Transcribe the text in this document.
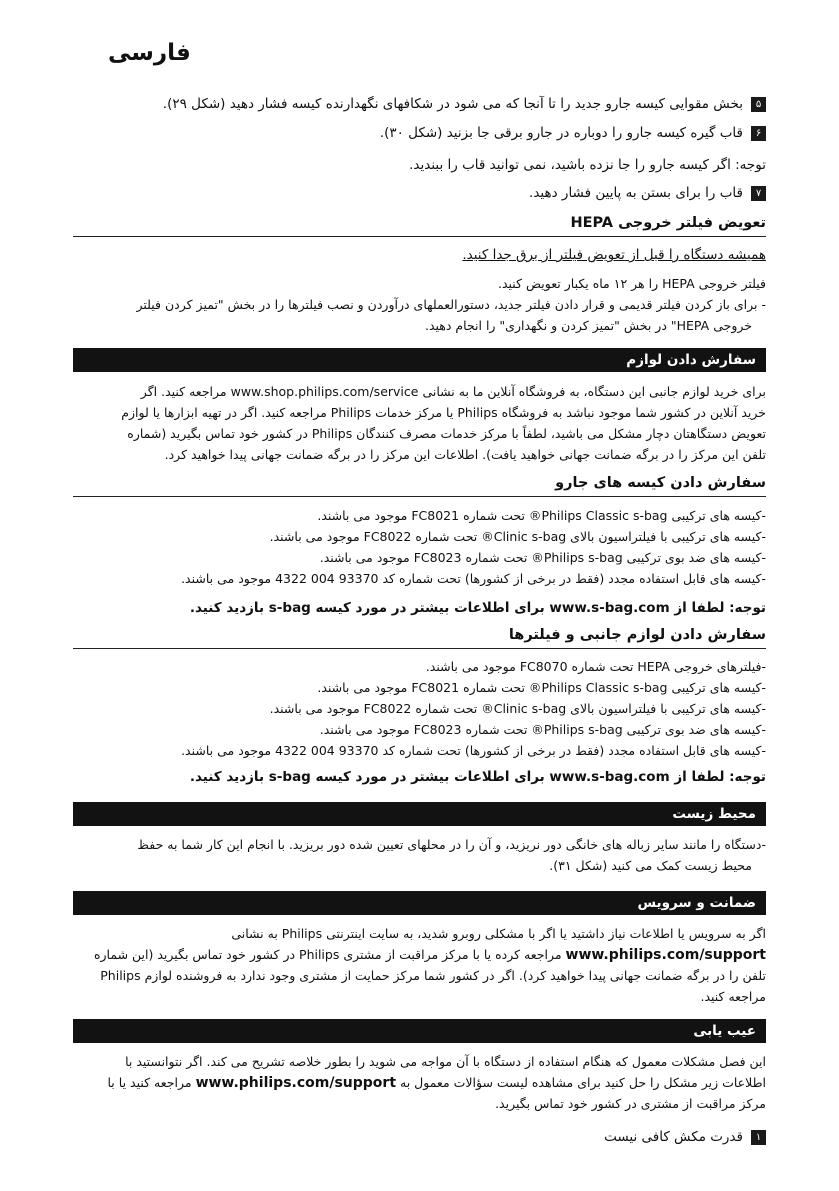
فارسی
۵
بخش مقوایی کیسه جارو جدید را تا آنجا که می شود در شکافهای نگهدارنده کیسه فشار دهید (شکل ۲۹).
۶
قاب گیره کیسه جارو را دوباره در جارو برقی جا بزنید (شکل ۳۰).
توجه: اگر کیسه جارو را جا نزده باشید، نمی توانید قاب را ببندید.
۷
قاب را برای بستن به پایین فشار دهید.
تعویض فیلتر خروجی HEPA
همیشه دستگاه را قبل از تعویض فیلتر از برق جدا کنید.
فیلتر خروجی HEPA را هر ۱۲ ماه یکبار تعویض کنید.
- برای باز کردن فیلتر قدیمی و قرار دادن فیلتر جدید، دستورالعملهای درآوردن و نصب فیلترها را در بخش "تمیز کردن فیلتر
خروجی HEPA" در بخش "تمیز کردن و نگهداری" را انجام دهید.
سفارش دادن لوازم
برای خرید لوازم جانبی این دستگاه، به فروشگاه آنلاین ما به نشانی www.shop.philips.com/service مراجعه کنید. اگر
خرید آنلاین در کشور شما موجود نباشد به فروشگاه Philips یا مرکز خدمات Philips مراجعه کنید. اگر در تهیه ابزارها یا لوازم
تعویض دستگاهتان دچار مشکل می باشید، لطفاً با مرکز خدمات مصرف کنندگان Philips در کشور خود تماس بگیرید (شماره
تلفن این مرکز را در برگه ضمانت جهانی خواهید یافت). اطلاعات این مرکز را در برگه ضمانت جهانی پیدا خواهید کرد.
سفارش دادن کیسه های جارو
-کیسه های ترکیبی Philips Classic s-bag® تحت شماره FC8021 موجود می باشند.
-کیسه های ترکیبی با فیلتراسیون بالای Clinic s-bag® تحت شماره FC8022 موجود می باشند.
-کیسه های ضد بوی ترکیبی Philips s-bag® تحت شماره FC8023 موجود می باشند.
-کیسه های قابل استفاده مجدد (فقط در برخی از کشورها) تحت شماره کد 93370 004 4322 موجود می باشند.
توجه: لطفا از www.s-bag.com برای اطلاعات بیشتر در مورد کیسه s-bag بازدید کنید.
سفارش دادن لوازم جانبی و فیلترها
-فیلترهای خروجی HEPA تحت شماره FC8070 موجود می باشند.
-کیسه های ترکیبی Philips Classic s-bag® تحت شماره FC8021 موجود می باشند.
-کیسه های ترکیبی با فیلتراسیون بالای Clinic s-bag® تحت شماره FC8022 موجود می باشند.
-کیسه های ضد بوی ترکیبی Philips s-bag® تحت شماره FC8023 موجود می باشند.
-کیسه های قابل استفاده مجدد (فقط در برخی از کشورها) تحت شماره کد 93370 004 4322 موجود می باشند.
توجه: لطفا از www.s-bag.com برای اطلاعات بیشتر در مورد کیسه s-bag بازدید کنید.
محیط زیست
-دستگاه را مانند سایر زباله های خانگی دور نریزید، و آن را در محلهای تعیین شده دور بریزید. با انجام این کار شما به حفظ
محیط زیست کمک می کنید (شکل ۳۱).
ضمانت و سرویس
اگر به سرویس یا اطلاعات نیاز داشتید یا اگر با مشکلی روبرو شدید، به سایت اینترنتی Philips به نشانی
www.philips.com/support مراجعه کرده یا با مرکز مراقبت از مشتری Philips در کشور خود تماس بگیرید (این شماره
تلفن را در برگه ضمانت جهانی پیدا خواهید کرد). اگر در کشور شما مرکز حمایت از مشتری وجود ندارد به فروشنده لوازم Philips
مراجعه کنید.
عیب یابی
این فصل مشکلات معمول که هنگام استفاده از دستگاه با آن مواجه می شوید را بطور خلاصه تشریح می کند. اگر نتوانستید با
اطلاعات زیر مشکل را حل کنید برای مشاهده لیست سؤالات معمول به www.philips.com/support مراجعه کنید یا با
مرکز مراقبت از مشتری در کشور خود تماس بگیرید.
۱
قدرت مکش کافی نیست
